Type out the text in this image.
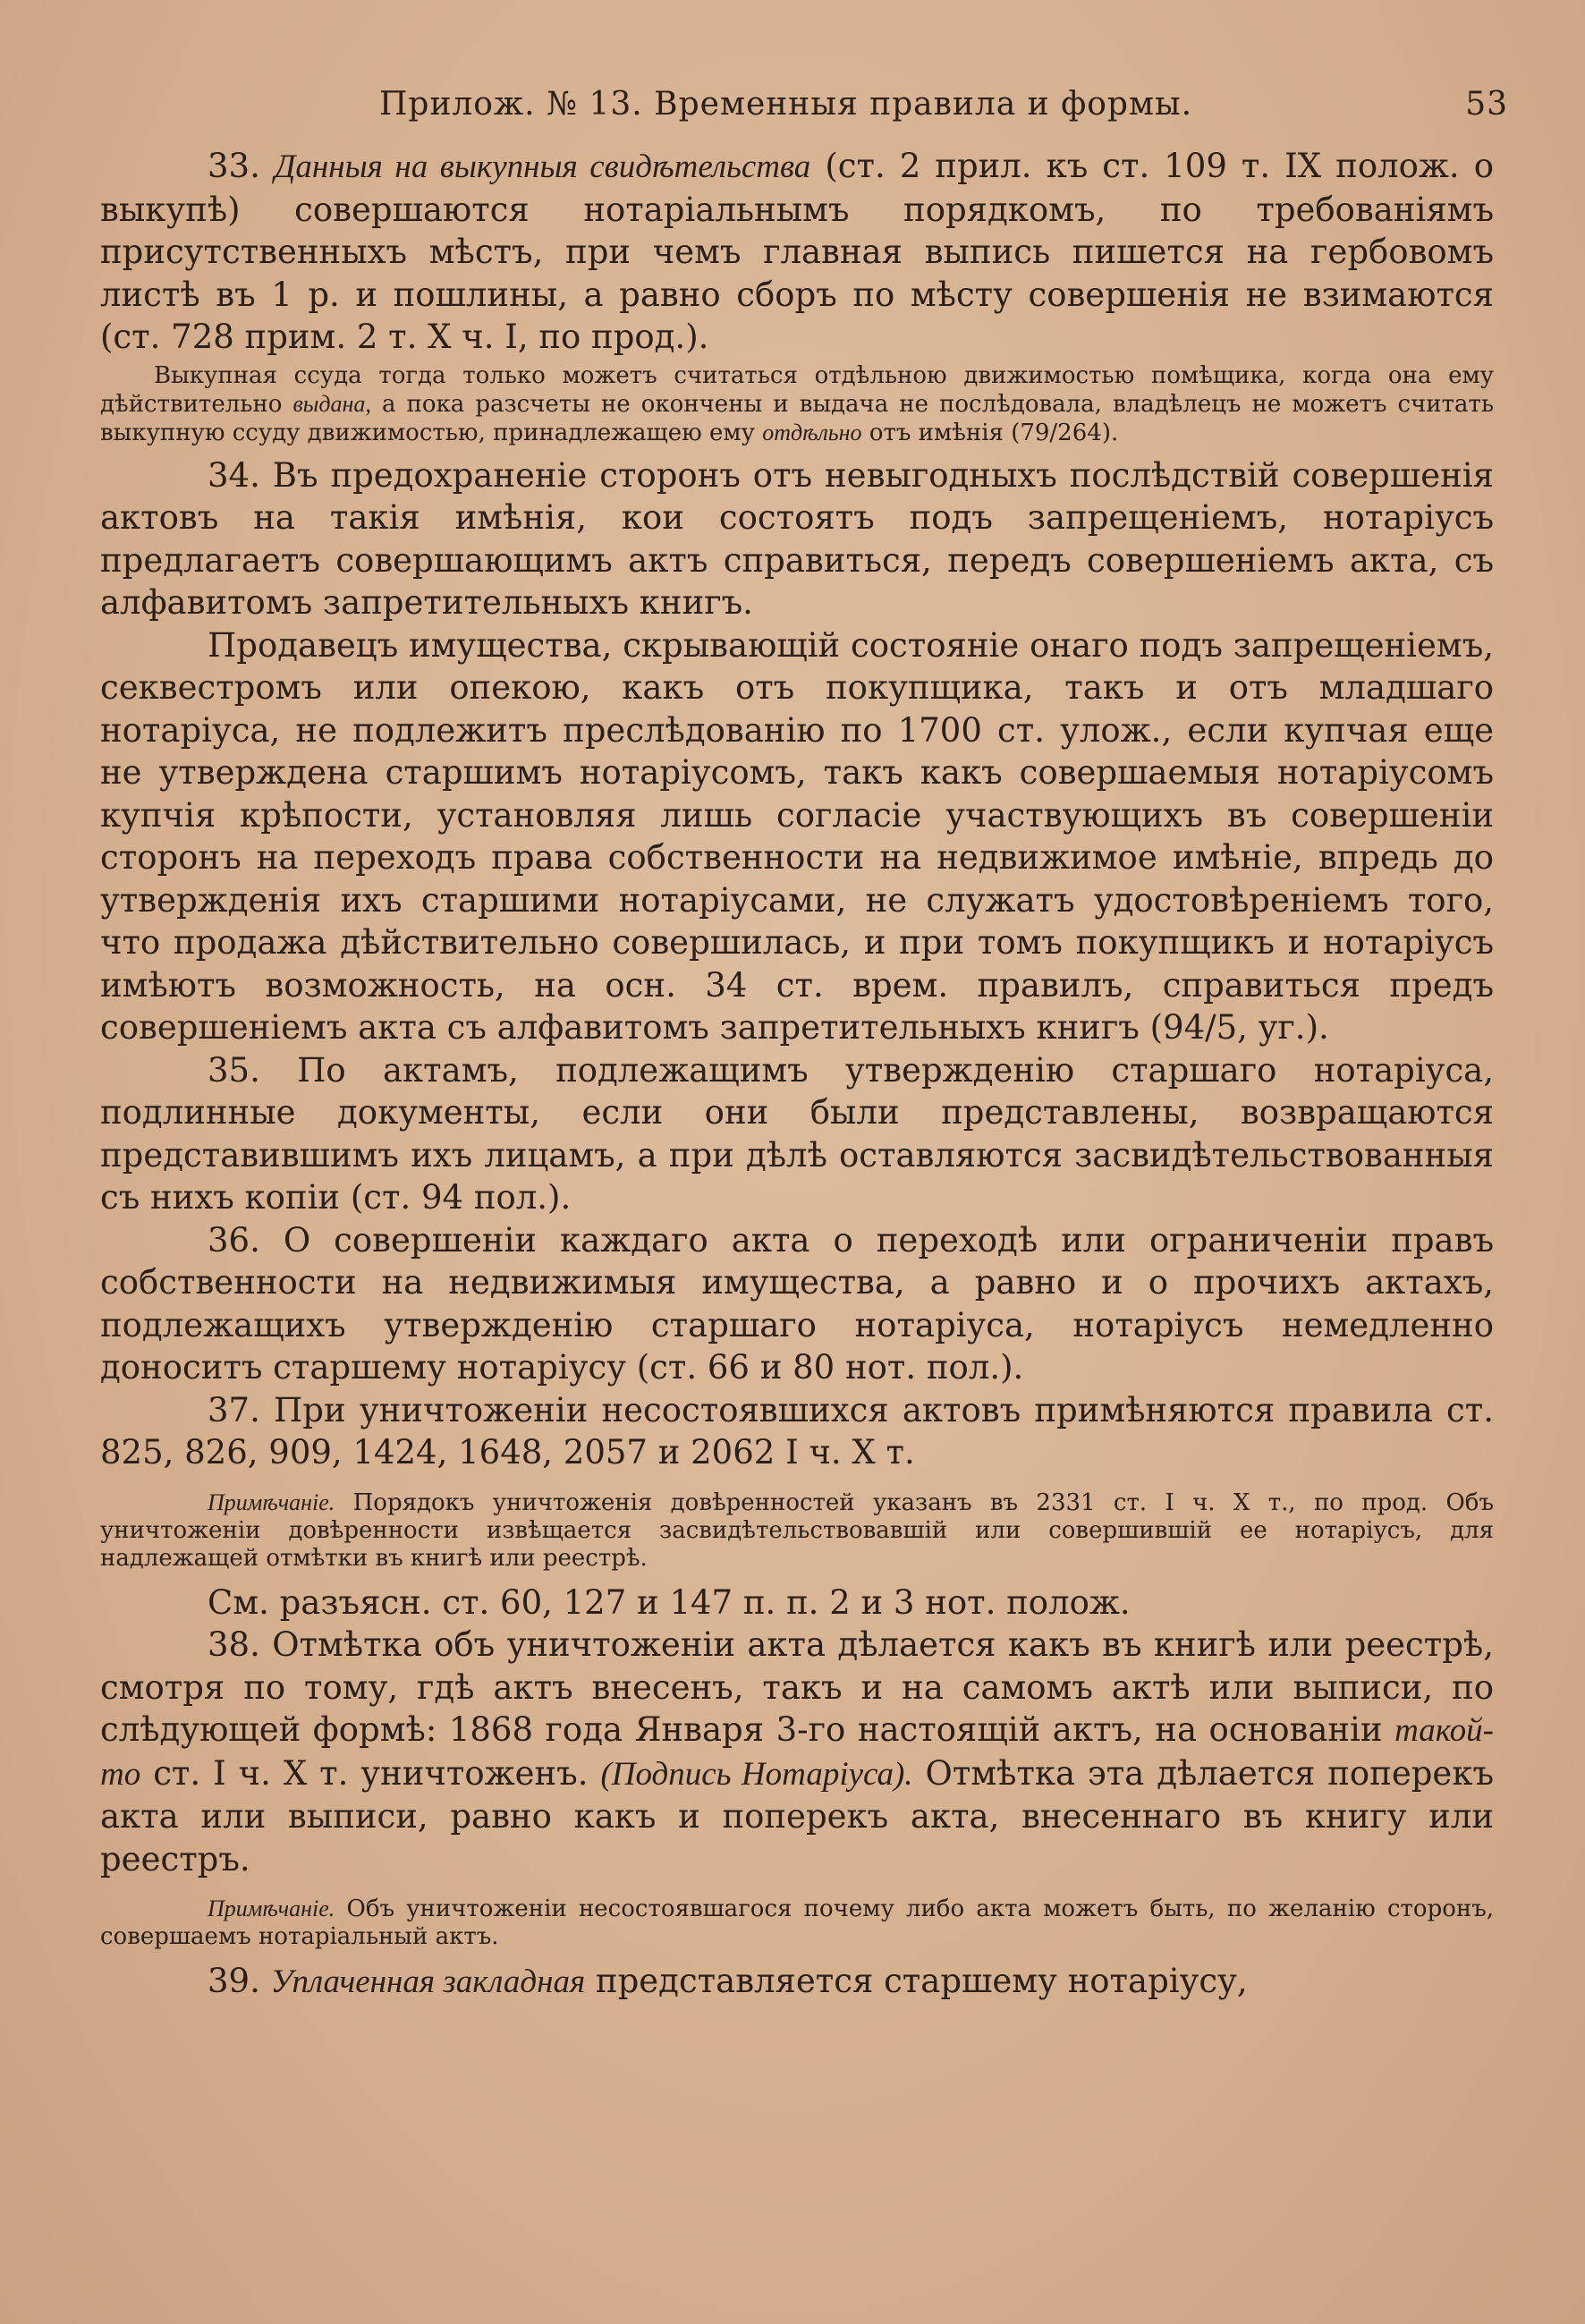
Прилож. № 13. Временныя правила и формы.	53

33. Данныя на выкупныя свидѣтельства (ст. 2 прил. къ ст. 109 т. IX полож. о выкупѣ) совершаются нотаріальнымъ порядкомъ, по требованіямъ присутственныхъ мѣстъ, при чемъ главная выпись пишется на гербовомъ листѣ въ 1 р. и пошлины, а равно сборъ по мѣсту совершенія не взимаются (ст. 728 прим. 2 т. X ч. I, по прод.).

Выкупная ссуда тогда только можетъ считаться отдѣльною движимостью помѣщика, когда она ему дѣйствительно выдана, а пока разсчеты не окончены и выдача не послѣдовала, владѣлецъ не можетъ считать выкупную ссуду движимостью, принадлежащею ему отдѣльно отъ имѣнія (79/264).

34. Въ предохраненіе сторонъ отъ невыгодныхъ послѣдствій совершенія актовъ на такія имѣнія, кои состоятъ подъ запрещеніемъ, нотаріусъ предлагаетъ совершающимъ актъ справиться, передъ совершеніемъ акта, съ алфавитомъ запретительныхъ книгъ.

Продавецъ имущества, скрывающій состояніе онаго подъ запрещеніемъ, секвестромъ или опекою, какъ отъ покупщика, такъ и отъ младшаго нотаріуса, не подлежитъ преслѣдованію по 1700 ст. улож., если купчая еще не утверждена старшимъ нотаріусомъ, такъ какъ совершаемыя нотаріусомъ купчія крѣпости, установляя лишь согласіе участвующихъ въ совершеніи сторонъ на переходъ права собственности на недвижимое имѣніе, впредь до утвержденія ихъ старшими нотаріусами, не служатъ удостовѣреніемъ того, что продажа дѣйствительно совершилась, и при томъ покупщикъ и нотаріусъ имѣютъ возможность, на осн. 34 ст. врем. правилъ, справиться предъ совершеніемъ акта съ алфавитомъ запретительныхъ книгъ (94/5, уг.).

35. По актамъ, подлежащимъ утвержденію старшаго нотаріуса, подлинные документы, если они были представлены, возвращаются представившимъ ихъ лицамъ, а при дѣлѣ оставляются засвидѣтельствованныя съ нихъ копіи (ст. 94 пол.).

36. О совершеніи каждаго акта о переходѣ или ограниченіи правъ собственности на недвижимыя имущества, а равно и о прочихъ актахъ, подлежащихъ утвержденію старшаго нотаріуса, нотаріусъ немедленно доноситъ старшему нотаріусу (ст. 66 и 80 нот. пол.).

37. При уничтоженіи несостоявшихся актовъ примѣняются правила ст. 825, 826, 909, 1424, 1648, 2057 и 2062 I ч. X т.

Примѣчаніе. Порядокъ уничтоженія довѣренностей указанъ въ 2331 ст. I ч. X т., по прод. Объ уничтоженіи довѣренности извѣщается засвидѣтельствовавшій или совершившій ее нотаріусъ, для надлежащей отмѣтки въ книгѣ или реестрѣ.

См. разъясн. ст. 60, 127 и 147 п. п. 2 и 3 нот. полож.

38. Отмѣтка объ уничтоженіи акта дѣлается какъ въ книгѣ или реестрѣ, смотря по тому, гдѣ актъ внесенъ, такъ и на самомъ актѣ или выписи, по слѣдующей формѣ: 1868 года Января 3-го настоящій актъ, на основаніи такой-то ст. I ч. X т. уничтоженъ. (Подпись Нотаріуса). Отмѣтка эта дѣлается поперекъ акта или выписи, равно какъ и поперекъ акта, внесеннаго въ книгу или реестръ.

Примѣчаніе. Объ уничтоженіи несостоявшагося почему либо акта можетъ быть, по желанію сторонъ, совершаемъ нотаріальный актъ.

39. Уплаченная закладная представляется старшему нотаріусу,
